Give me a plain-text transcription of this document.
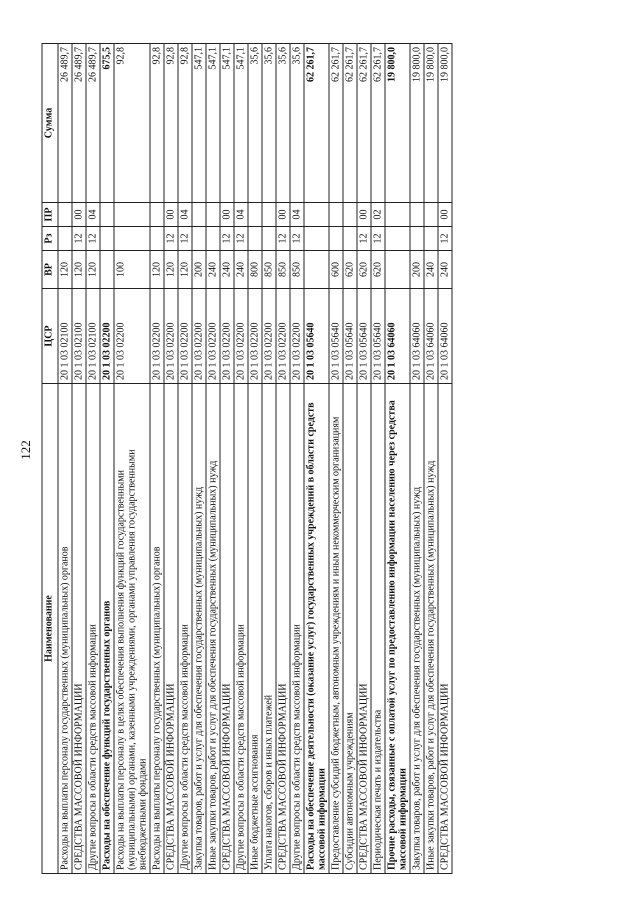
122
Наименование	ЦСР	ВР	Рз	ПР	Сумма
Расходы на выплаты персоналу государственных (муниципальных) органов	20 1 03 02100	120			26 489,7
СРЕДСТВА МАССОВОЙ ИНФОРМАЦИИ	20 1 03 02100	120	12	00	26 489,7
Другие вопросы в области средств массовой информации	20 1 03 02100	120	12	04	26 489,7
Расходы на обеспечение функций государственных органов	20 1 03 02200				675,5
Расходы на выплаты персоналу в целях обеспечения выполнения функций государственными (муниципальными) органами, казенными учреждениями, органами управления государственными внебюджетными фондами	20 1 03 02200	100			92,8
Расходы на выплаты персоналу государственных (муниципальных) органов	20 1 03 02200	120			92,8
СРЕДСТВА МАССОВОЙ ИНФОРМАЦИИ	20 1 03 02200	120	12	00	92,8
Другие вопросы в области средств массовой информации	20 1 03 02200	120	12	04	92,8
Закупка товаров, работ и услуг для обеспечения государственных (муниципальных) нужд	20 1 03 02200	200			547,1
Иные закупки товаров, работ и услуг для обеспечения государственных (муниципальных) нужд	20 1 03 02200	240			547,1
СРЕДСТВА МАССОВОЙ ИНФОРМАЦИИ	20 1 03 02200	240	12	00	547,1
Другие вопросы в области средств массовой информации	20 1 03 02200	240	12	04	547,1
Иные бюджетные ассигнования	20 1 03 02200	800			35,6
Уплата налогов, сборов и иных платежей	20 1 03 02200	850			35,6
СРЕДСТВА МАССОВОЙ ИНФОРМАЦИИ	20 1 03 02200	850	12	00	35,6
Другие вопросы в области средств массовой информации	20 1 03 02200	850	12	04	35,6
Расходы на обеспечение деятельности (оказание услуг) государственных учреждений в области средств массовой информации	20 1 03 05640				62 261,7
Предоставление субсидий бюджетным, автономным учреждениям и иным некоммерческим организациям	20 1 03 05640	600			62 261,7
Субсидии автономным учреждениям	20 1 03 05640	620			62 261,7
СРЕДСТВА МАССОВОЙ ИНФОРМАЦИИ	20 1 03 05640	620	12	00	62 261,7
Периодическая печать и издательства	20 1 03 05640	620	12	02	62 261,7
Прочие расходы, связанные с оплатой услуг по предоставлению информации населению через средства массовой информации	20 1 03 64060				19 800,0
Закупка товаров, работ и услуг для обеспечения государственных (муниципальных) нужд	20 1 03 64060	200			19 800,0
Иные закупки товаров, работ и услуг для обеспечения государственных (муниципальных) нужд	20 1 03 64060	240			19 800,0
СРЕДСТВА МАССОВОЙ ИНФОРМАЦИИ	20 1 03 64060	240	12	00	19 800,0
